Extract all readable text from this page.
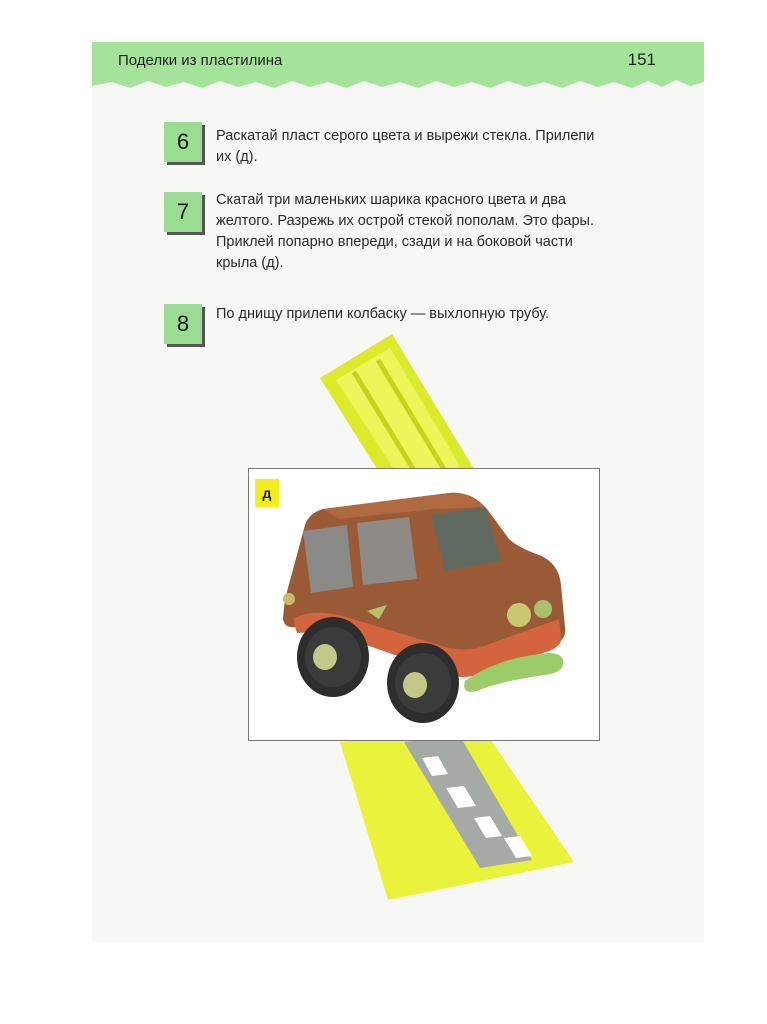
Поделки из пластилина	151
6	Раскатай пласт серого цвета и вырежи стекла. Прилепи их (д).
7	Скатай три маленьких шарика красного цвета и два желтого. Разрежь их острой стекой пополам. Это фары. Приклей попарно впереди, сзади и на боковой части крыла (д).
8	По днищу прилепи колбаску — выхлопную трубу.
д
